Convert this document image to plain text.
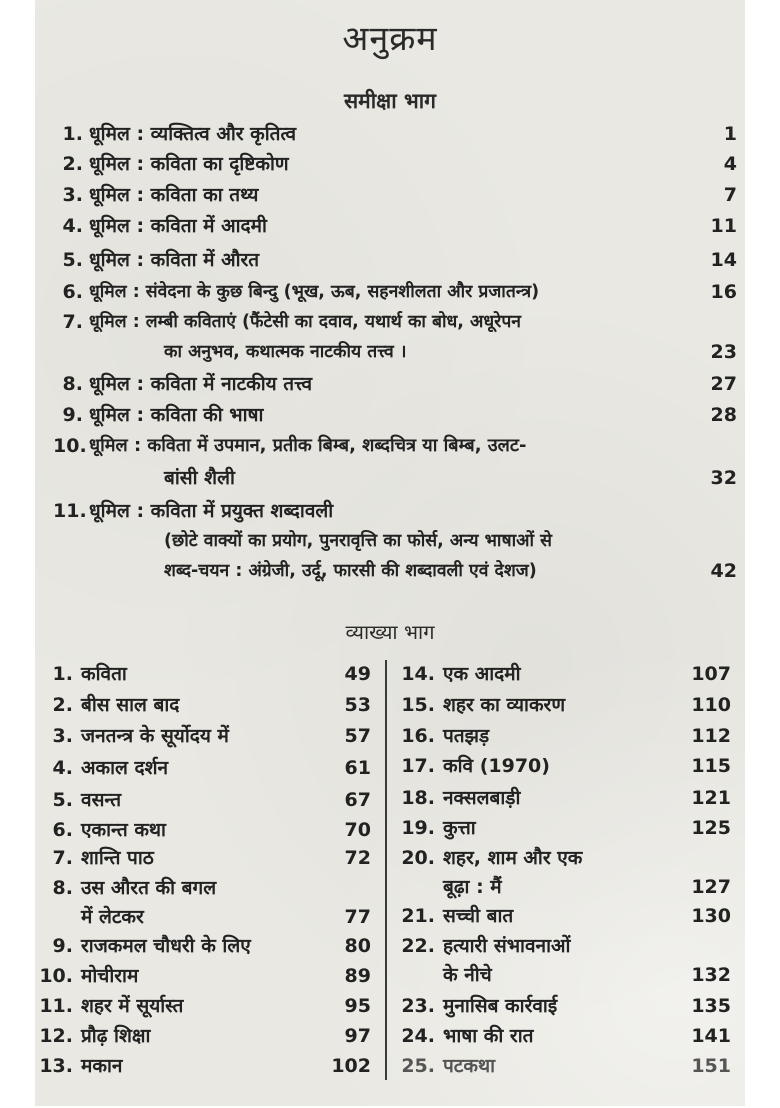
अनुक्रम
समीक्षा भाग
1. धूमिल : व्यक्तित्व और कृतित्व	1
2. धूमिल : कविता का दृष्टिकोण	4
3. धूमिल : कविता का तथ्य	7
4. धूमिल : कविता में आदमी	11
5. धूमिल : कविता में औरत	14
6. धूमिल : संवेदना के कुछ बिन्दु (भूख, ऊब, सहनशीलता और प्रजातन्त्र)	16
7. धूमिल : लम्बी कविताएं (फैंटेसी का दवाव, यथार्थ का बोध, अधूरेपन
का अनुभव, कथात्मक नाटकीय तत्त्व ।	23
8. धूमिल : कविता में नाटकीय तत्त्व	27
9. धूमिल : कविता की भाषा	28
10. धूमिल : कविता में उपमान, प्रतीक बिम्ब, शब्दचित्र या बिम्ब, उलट-
बांसी शैली	32
11. धूमिल : कविता में प्रयुक्त शब्दावली
(छोटे वाक्यों का प्रयोग, पुनरावृत्ति का फोर्स, अन्य भाषाओं से
शब्द-चयन : अंग्रेजी, उर्दू, फारसी की शब्दावली एवं देशज)	42
व्याख्या भाग
1. कविता	49
2. बीस साल बाद	53
3. जनतन्त्र के सूर्योदय में	57
4. अकाल दर्शन	61
5. वसन्त	67
6. एकान्त कथा	70
7. शान्ति पाठ	72
8. उस औरत की बगल
में लेटकर	77
9. राजकमल चौधरी के लिए	80
10. मोचीराम	89
11. शहर में सूर्यास्त	95
12. प्रौढ़ शिक्षा	97
13. मकान	102
14. एक आदमी	107
15. शहर का व्याकरण	110
16. पतझड़	112
17. कवि (1970)	115
18. नक्सलबाड़ी	121
19. कुत्ता	125
20. शहर, शाम और एक
बूढ़ा : मैं	127
21. सच्ची बात	130
22. हत्यारी संभावनाओं
के नीचे	132
23. मुनासिब कार्रवाई	135
24. भाषा की रात	141
25. पटकथा	151
